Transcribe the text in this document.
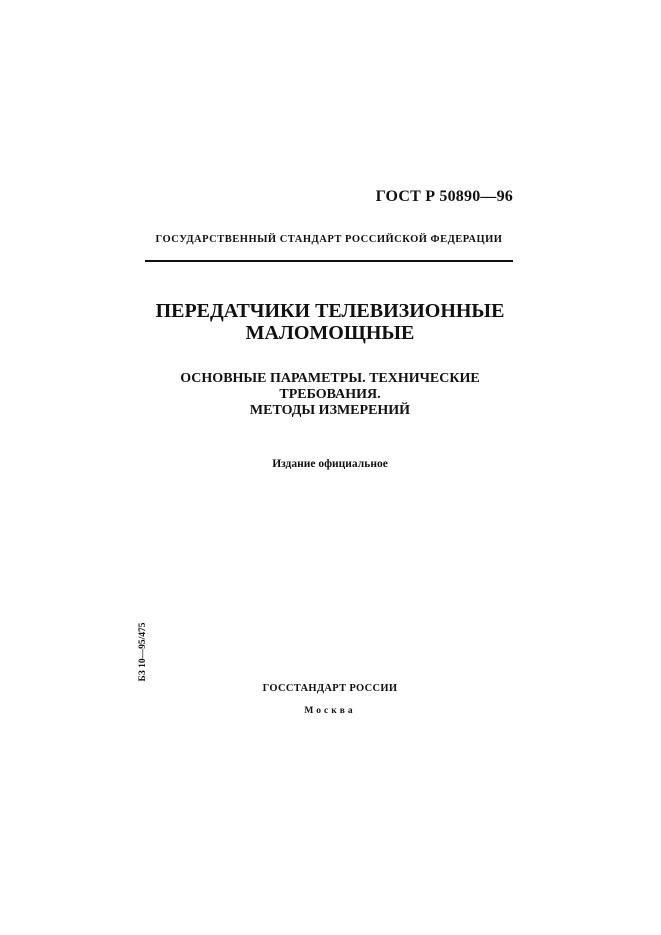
ГОСТ Р 50890—96
ГОСУДАРСТВЕННЫЙ СТАНДАРТ РОССИЙСКОЙ ФЕДЕРАЦИИ
ПЕРЕДАТЧИКИ ТЕЛЕВИЗИОННЫЕ
МАЛОМОЩНЫЕ
ОСНОВНЫЕ ПАРАМЕТРЫ. ТЕХНИЧЕСКИЕ
ТРЕБОВАНИЯ.
МЕТОДЫ ИЗМЕРЕНИЙ
Издание официальное
БЗ 10—95/475
ГОССТАНДАРТ РОССИИ
Москва
